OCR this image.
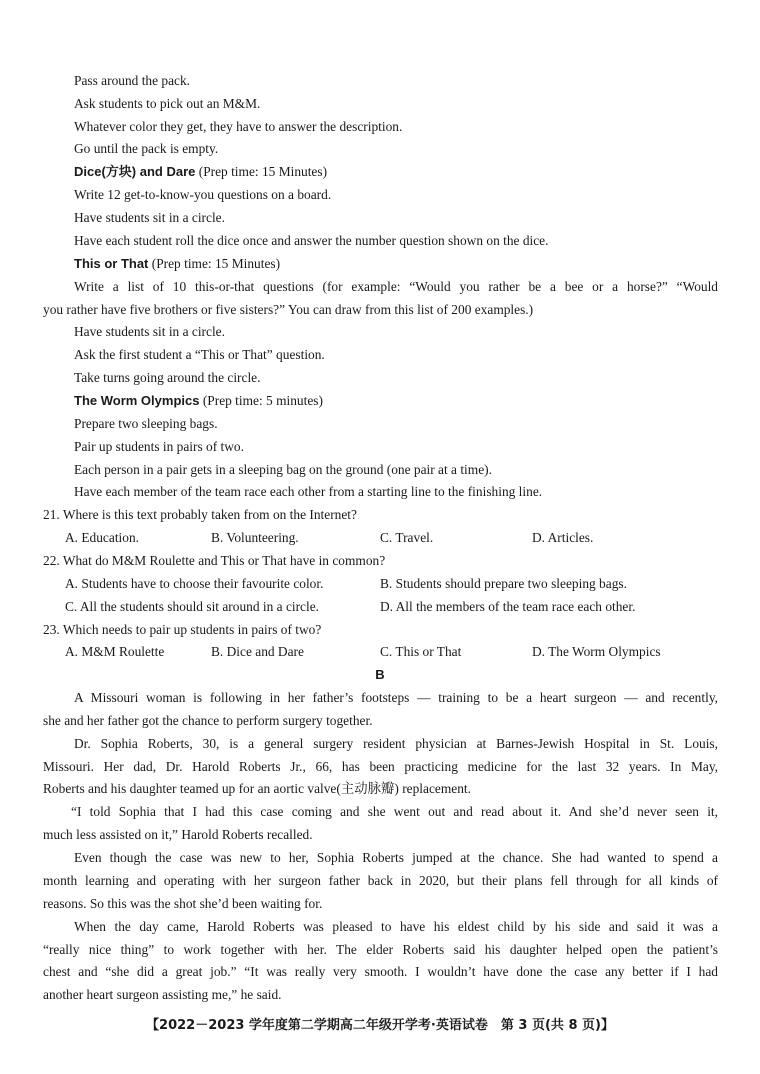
Pass around the pack.
Ask students to pick out an M&M.
Whatever color they get, they have to answer the description.
Go until the pack is empty.
Dice(方块) and Dare (Prep time: 15 Minutes)
Write 12 get-to-know-you questions on a board.
Have students sit in a circle.
Have each student roll the dice once and answer the number question shown on the dice.
This or That (Prep time: 15 Minutes)
Write a list of 10 this-or-that questions (for example: “Would you rather be a bee or a horse?” “Would
you rather have five brothers or five sisters?” You can draw from this list of 200 examples.)
Have students sit in a circle.
Ask the first student a “This or That” question.
Take turns going around the circle.
The Worm Olympics (Prep time: 5 minutes)
Prepare two sleeping bags.
Pair up students in pairs of two.
Each person in a pair gets in a sleeping bag on the ground (one pair at a time).
Have each member of the team race each other from a starting line to the finishing line.
21. Where is this text probably taken from on the Internet?
A. Education.	B. Volunteering.	C. Travel.	D. Articles.
22. What do M&M Roulette and This or That have in common?
A. Students have to choose their favourite color.	B. Students should prepare two sleeping bags.
C. All the students should sit around in a circle.	D. All the members of the team race each other.
23. Which needs to pair up students in pairs of two?
A. M&M Roulette	B. Dice and Dare	C. This or That	D. The Worm Olympics
B
A Missouri woman is following in her father’s footsteps — training to be a heart surgeon — and recently,
she and her father got the chance to perform surgery together.
Dr. Sophia Roberts, 30, is a general surgery resident physician at Barnes-Jewish Hospital in St. Louis,
Missouri. Her dad, Dr. Harold Roberts Jr., 66, has been practicing medicine for the last 32 years. In May,
Roberts and his daughter teamed up for an aortic valve(主动脉瓣) replacement.
“I told Sophia that I had this case coming and she went out and read about it. And she’d never seen it,
much less assisted on it,” Harold Roberts recalled.
Even though the case was new to her, Sophia Roberts jumped at the chance. She had wanted to spend a
month learning and operating with her surgeon father back in 2020, but their plans fell through for all kinds of
reasons. So this was the shot she’d been waiting for.
When the day came, Harold Roberts was pleased to have his eldest child by his side and said it was a
“really nice thing” to work together with her. The elder Roberts said his daughter helped open the patient’s
chest and “she did a great job.” “It was really very smooth. I wouldn’t have done the case any better if I had
another heart surgeon assisting me,” he said.
【2022－2023 学年度第二学期高二年级开学考·英语试卷　第 3 页(共 8 页)】
